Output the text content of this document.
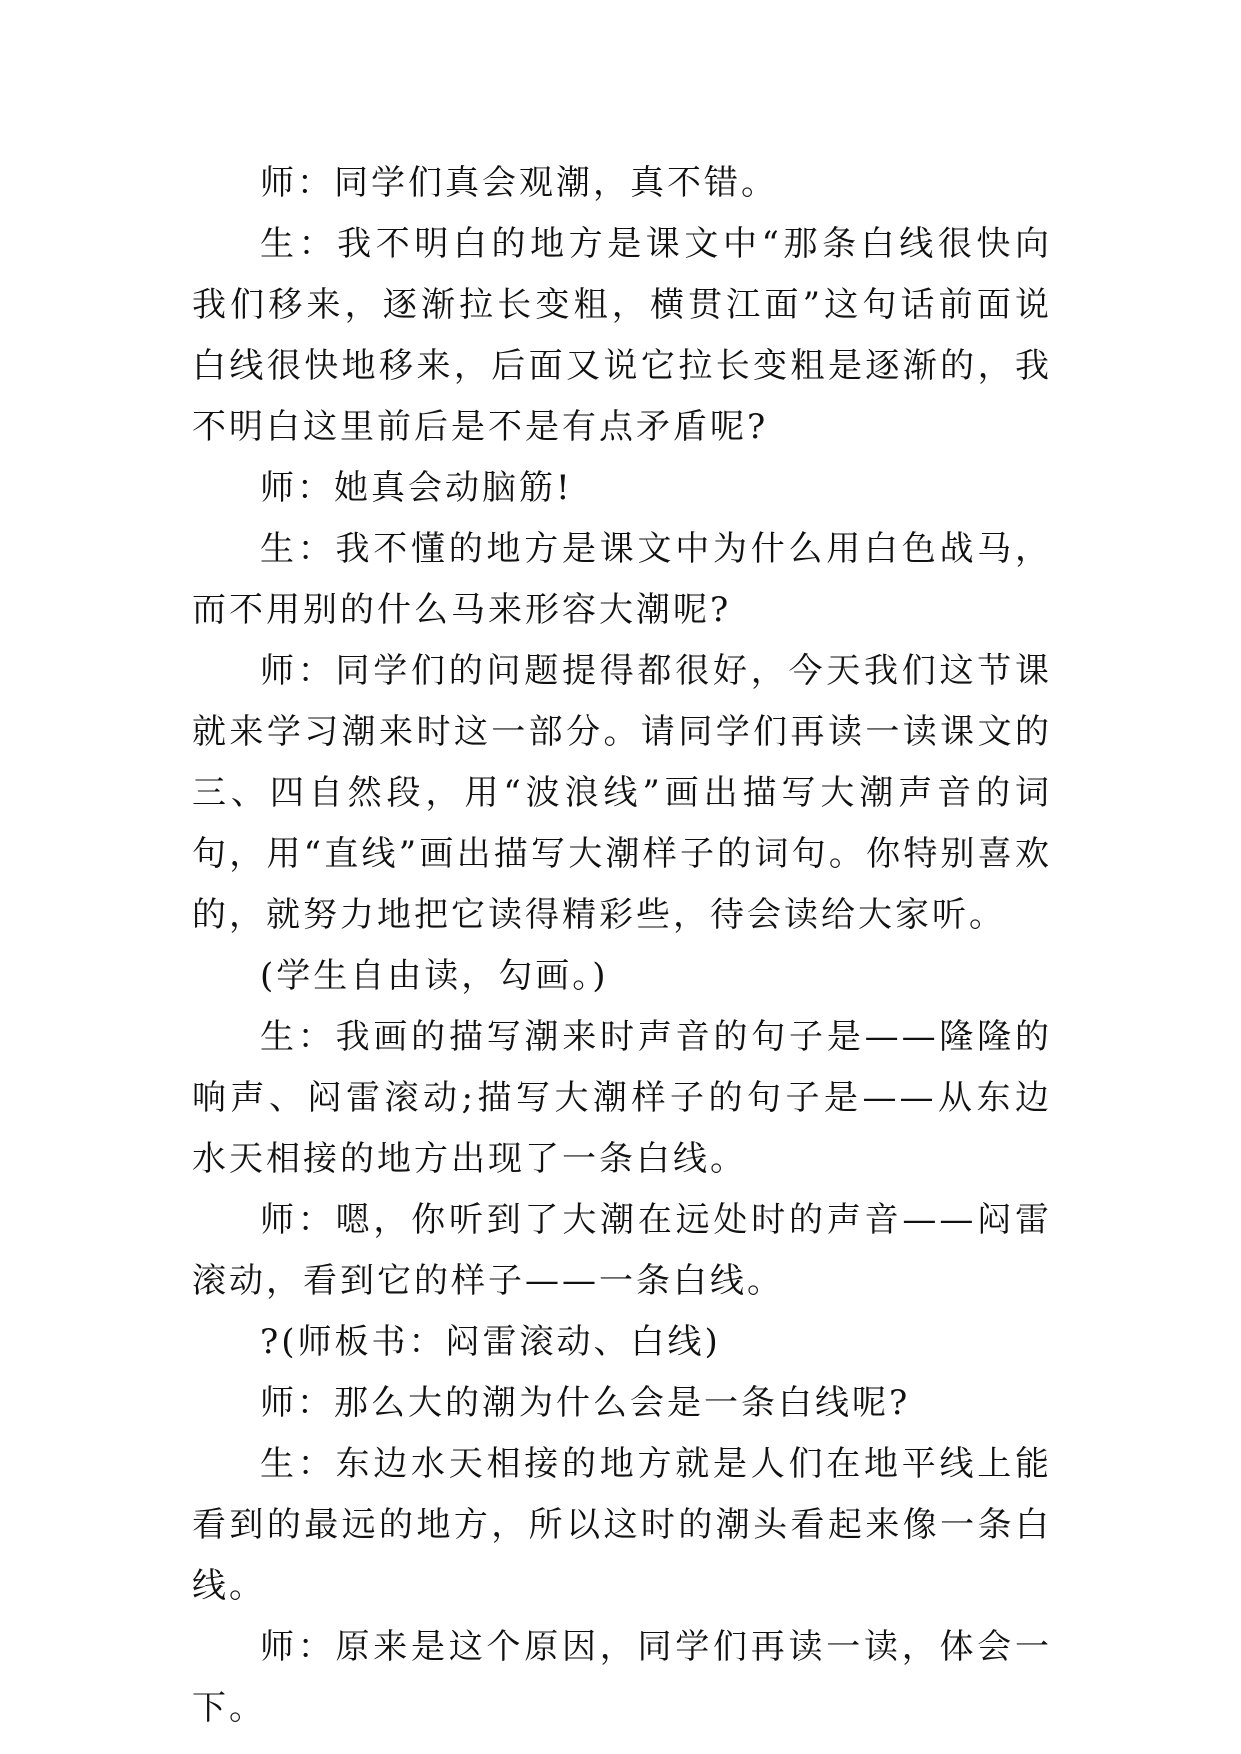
师：同学们真会观潮，真不错。

生：我不明白的地方是课文中“那条白线很快向我们移来，逐渐拉长变粗，横贯江面”这句话前面说白线很快地移来，后面又说它拉长变粗是逐渐的，我不明白这里前后是不是有点矛盾呢?

师：她真会动脑筋!

生：我不懂的地方是课文中为什么用白色战马，而不用别的什么马来形容大潮呢?

师：同学们的问题提得都很好，今天我们这节课就来学习潮来时这一部分。请同学们再读一读课文的三、四自然段，用“波浪线”画出描写大潮声音的词句，用“直线”画出描写大潮样子的词句。你特别喜欢的，就努力地把它读得精彩些，待会读给大家听。

(学生自由读，勾画。)

生：我画的描写潮来时声音的句子是——隆隆的响声、闷雷滚动;描写大潮样子的句子是——从东边水天相接的地方出现了一条白线。

师：嗯，你听到了大潮在远处时的声音——闷雷滚动，看到它的样子——一条白线。

?(师板书：闷雷滚动、白线)

师：那么大的潮为什么会是一条白线呢?

生：东边水天相接的地方就是人们在地平线上能看到的最远的地方，所以这时的潮头看起来像一条白线。

师：原来是这个原因，同学们再读一读，体会一下。
